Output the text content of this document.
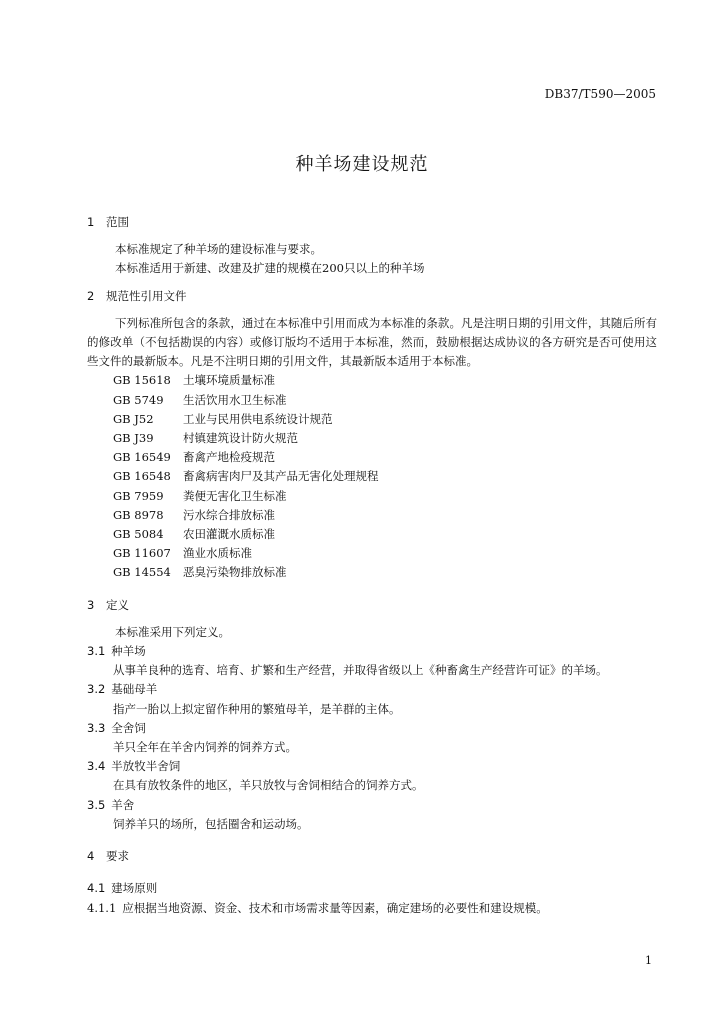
DB37/T590—2005
种羊场建设规范
1 范围
本标准规定了种羊场的建设标准与要求。
本标准适用于新建、改建及扩建的规模在200只以上的种羊场
2 规范性引用文件
下列标准所包含的条款，通过在本标准中引用而成为本标准的条款。凡是注明日期的引用文件，其随后所有的修改单（不包括勘误的内容）或修订版均不适用于本标准，然而，鼓励根据达成协议的各方研究是否可使用这些文件的最新版本。凡是不注明日期的引用文件，其最新版本适用于本标准。
GB 15618	土壤环境质量标准
GB 5749	生活饮用水卫生标准
GB J52	工业与民用供电系统设计规范
GB J39	村镇建筑设计防火规范
GB 16549	畜禽产地检疫规范
GB 16548	畜禽病害肉尸及其产品无害化处理规程
GB 7959	粪便无害化卫生标准
GB 8978	污水综合排放标准
GB 5084	农田灌溉水质标准
GB 11607	渔业水质标准
GB 14554	恶臭污染物排放标准
3 定义
本标准采用下列定义。
3.1 种羊场
从事羊良种的选育、培育、扩繁和生产经营，并取得省级以上《种畜禽生产经营许可证》的羊场。
3.2 基础母羊
指产一胎以上拟定留作种用的繁殖母羊，是羊群的主体。
3.3 全舍饲
羊只全年在羊舍内饲养的饲养方式。
3.4 半放牧半舍饲
在具有放牧条件的地区，羊只放牧与舍饲相结合的饲养方式。
3.5 羊舍
饲养羊只的场所，包括圈舍和运动场。
4 要求
4.1 建场原则
4.1.1 应根据当地资源、资金、技术和市场需求量等因素，确定建场的必要性和建设规模。
1
